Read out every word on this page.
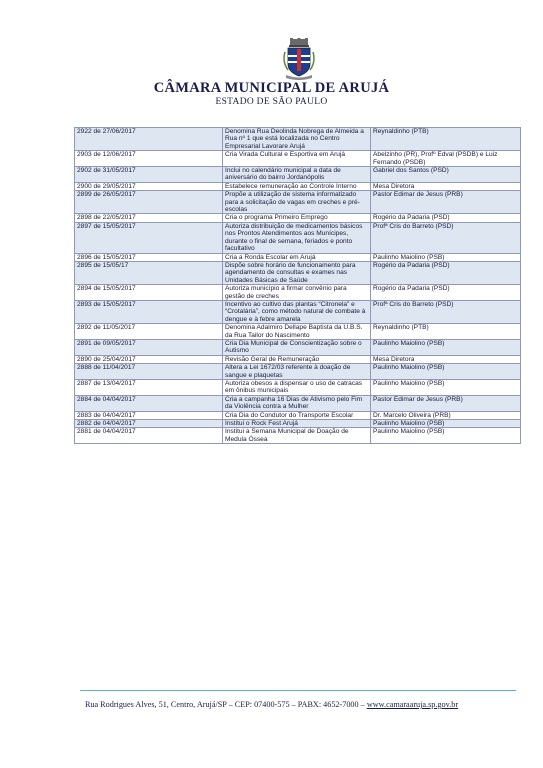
CÂMARA MUNICIPAL DE ARUJÁ
ESTADO DE SÃO PAULO
2922 de 27/06/2017	Denomina Rua Deolinda Nobrega de Almeida a Rua nº 1 que está localizada no Centro Empresarial Lavorare Arujá	Reynaldinho (PTB)
2903 de 12/06/2017	Cria Virada Cultural e Esportiva em Arujá	Abelzinho (PR), Profº Edval (PSDB) e Luiz Fernando (PSDB)
2902 de 31/05/2017	Inclui no calendário municipal a data de aniversário do bairro Jordanópolis	Gabriel dos Santos (PSD)
2900 de 29/05/2017	Estabelece remuneração ao Controle Interno	Mesa Diretora
2899 de 26/05/2017	Propõe a utilização de sistema informatizado para a solicitação de vagas em creches e pré-escolas	Pastor Edimar de Jesus (PRB)
2898 de 22/05/2017	Cria o programa Primeiro Emprego	Rogério da Padaria (PSD)
2897 de 15/05/2017	Autoriza distribuição de medicamentos básicos nos Prontos Atendimentos aos Munícipes, durante o final de semana, feriados e ponto facultativo	Profª Cris do Barreto (PSD)
2896 de 15/05/2017	Cria a Ronda Escolar em Arujá	Paulinho Maiolino (PSB)
2895 de 15/05/17	Dispõe sobre horário de funcionamento para agendamento de consultas e exames nas Unidades Básicas de Saúde	Rogério da Padaria (PSD)
2894 de 15/05/2017	Autoriza município a firmar convênio para gestão de creches	Rogério da Padaria (PSD)
2893 de 15/05/2017	Incentivo ao cultivo das plantas “Citronela” e “Crotalária”, como método natural de combate à dengue e à febre amarela	Profª Cris do Barreto (PSD)
2892 de 11/05/2017	Denomina Adalmiro Dellape Baptista da U.B.S. da Rua Tailor do Nascimento	Reynaldinho (PTB)
2891 de 09/05/2017	Cria Dia Municipal de Conscientização sobre o Autismo	Paulinho Maiolino (PSB)
2890 de 25/04/2017	Revisão Geral de Remuneração	Mesa Diretora
2888 de 11/04/2017	Altera a Lei 1672/03 referente à doação de sangue e plaquetas	Paulinho Maiolino (PSB)
2887 de 13/04/2017	Autoriza obesos a dispensar o uso de catracas em ônibus municipais	Paulinho Maiolino (PSB)
2884 de 04/04/2017	Cria a campanha 16 Dias de Ativismo pelo Fim da Violência contra a Mulher	Pastor Edimar de Jesus (PRB)
2883 de 04/04/2017	Cria Dia do Condutor do Transporte Escolar	Dr. Marcelo Oliveira (PRB)
2882 de 04/04/2017	Institui o Rock Fest Arujá	Paulinho Maiolino (PSB)
2881 de 04/04/2017	Institui a Semana Municipal de Doação de Medula Óssea	Paulinho Maiolino (PSB)
Rua Rodrigues Alves, 51, Centro, Arujá/SP – CEP: 07400-575 – PABX: 4652-7000 – www.camaraaruja.sp.gov.br
